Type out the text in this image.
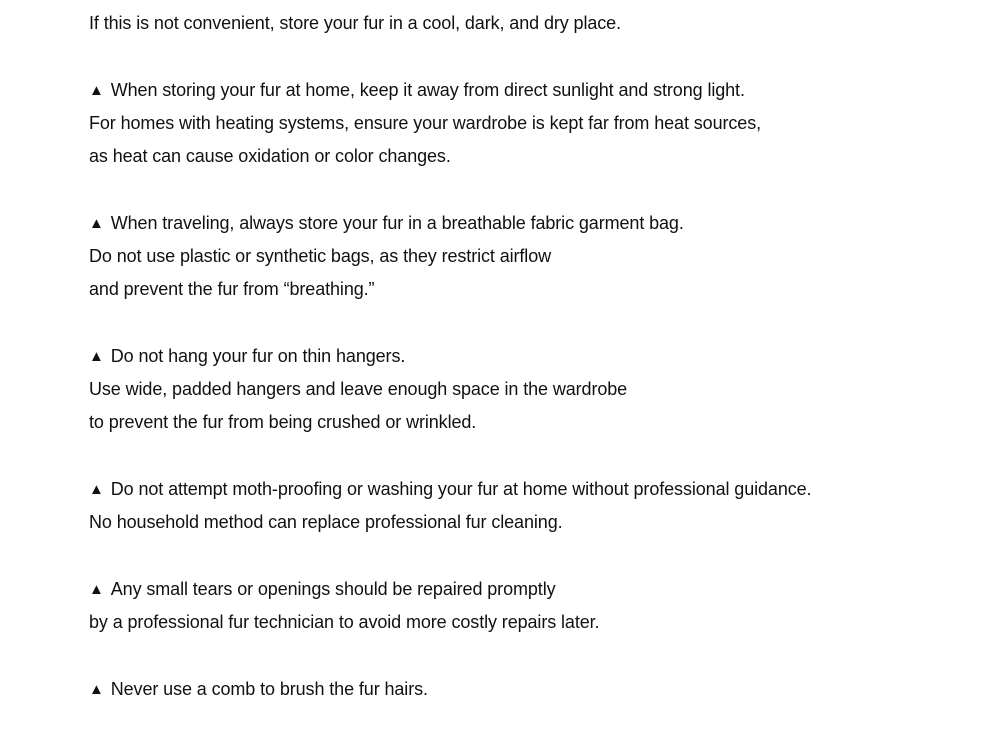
If this is not convenient, store your fur in a cool, dark, and dry place.
▲ When storing your fur at home, keep it away from direct sunlight and strong light.
For homes with heating systems, ensure your wardrobe is kept far from heat sources,
as heat can cause oxidation or color changes.
▲ When traveling, always store your fur in a breathable fabric garment bag.
Do not use plastic or synthetic bags, as they restrict airflow
and prevent the fur from “breathing.”
▲ Do not hang your fur on thin hangers.
Use wide, padded hangers and leave enough space in the wardrobe
to prevent the fur from being crushed or wrinkled.
▲ Do not attempt moth-proofing or washing your fur at home without professional guidance.
No household method can replace professional fur cleaning.
▲ Any small tears or openings should be repaired promptly
by a professional fur technician to avoid more costly repairs later.
▲ Never use a comb to brush the fur hairs.
